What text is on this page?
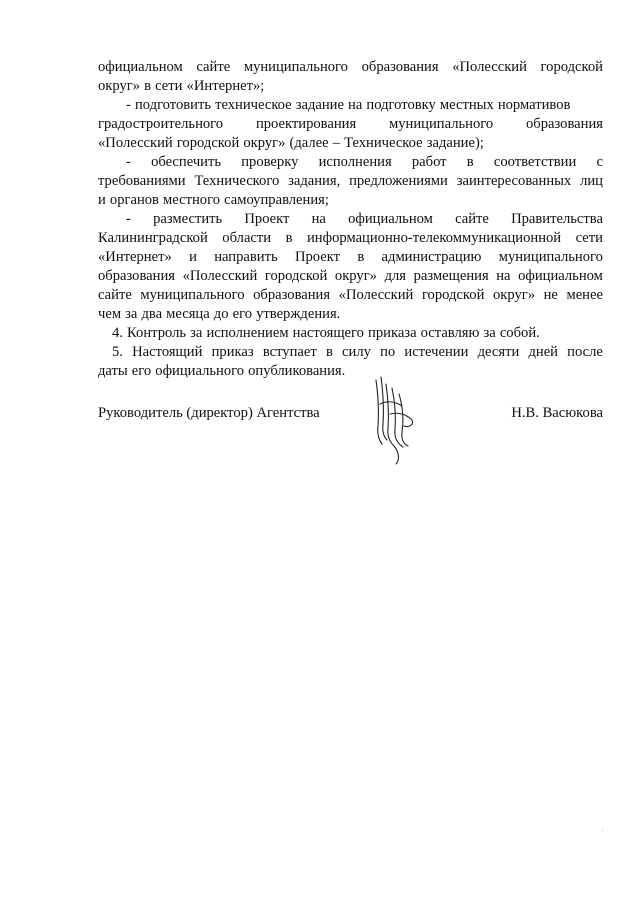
официальном сайте муниципального образования «Полесский городской
округ» в сети «Интернет»;
- подготовить техническое задание на подготовку местных нормативов
градостроительного проектирования муниципального образования
«Полесский городской округ» (далее – Техническое задание);
- обеспечить проверку исполнения работ в соответствии с
требованиями Технического задания, предложениями заинтересованных лиц
и органов местного самоуправления;
- разместить Проект на официальном сайте Правительства
Калининградской области в информационно-телекоммуникационной сети
«Интернет» и направить Проект в администрацию муниципального
образования «Полесский городской округ» для размещения на официальном
сайте муниципального образования «Полесский городской округ» не менее
чем за два месяца до его утверждения.
4. Контроль за исполнением настоящего приказа оставляю за собой.
5. Настоящий приказ вступает в силу по истечении десяти дней после
даты его официального опубликования.
Руководитель (директор) Агентства	Н.В. Васюкова
